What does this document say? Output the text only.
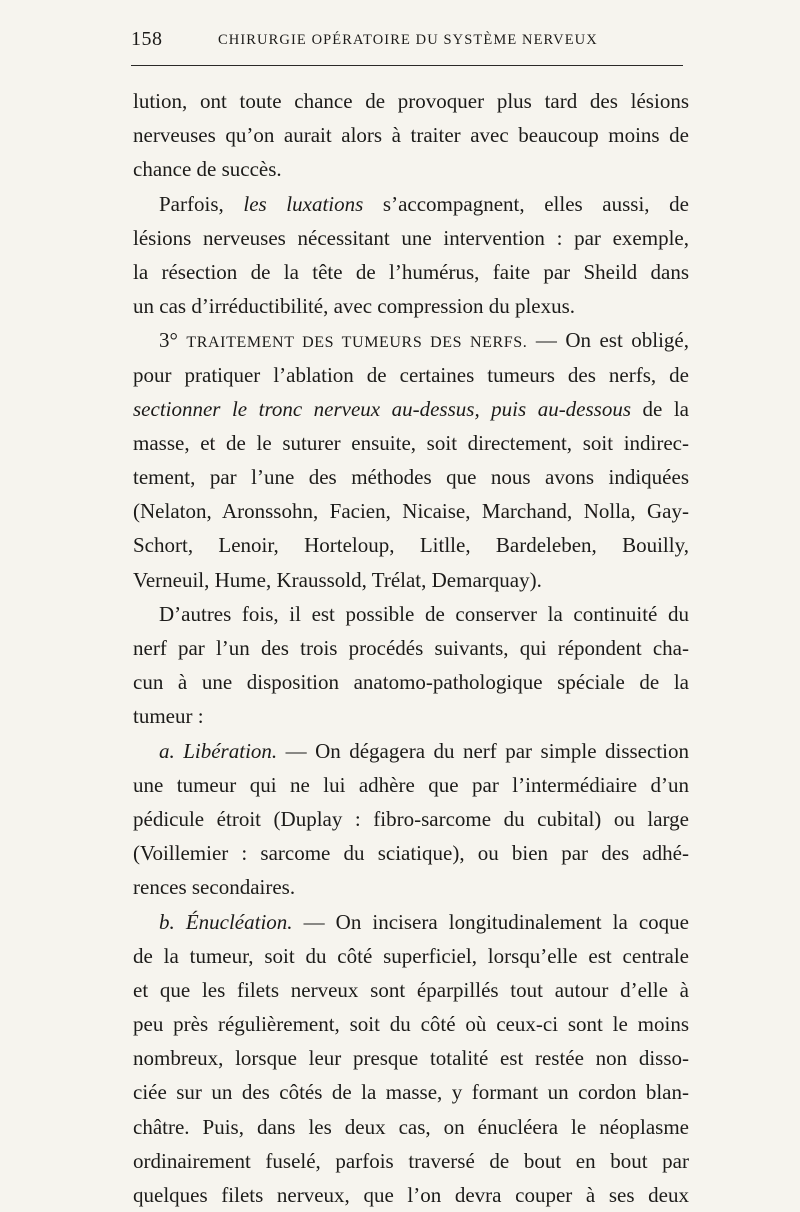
158	CHIRURGIE OPÉRATOIRE DU SYSTÈME NERVEUX
lution, ont toute chance de provoquer plus tard des lésions
nerveuses qu’on aurait alors à traiter avec beaucoup moins de
chance de succès.
Parfois, les luxations s’accompagnent, elles aussi, de
lésions nerveuses nécessitant une intervention : par exemple,
la résection de la tête de l’humérus, faite par Sheild dans
un cas d’irréductibilité, avec compression du plexus.
3° TRAITEMENT DES TUMEURS DES NERFS. — On est obligé,
pour pratiquer l’ablation de certaines tumeurs des nerfs, de
sectionner le tronc nerveux au-dessus, puis au-dessous de la
masse, et de le suturer ensuite, soit directement, soit indirec-
tement, par l’une des méthodes que nous avons indiquées
(Nelaton, Aronssohn, Facien, Nicaise, Marchand, Nolla, Gay-
Schort, Lenoir, Horteloup, Litlle, Bardeleben, Bouilly,
Verneuil, Hume, Kraussold, Trélat, Demarquay).
D’autres fois, il est possible de conserver la continuité du
nerf par l’un des trois procédés suivants, qui répondent cha-
cun à une disposition anatomo-pathologique spéciale de la
tumeur :
a. Libération. — On dégagera du nerf par simple dissection
une tumeur qui ne lui adhère que par l’intermédiaire d’un
pédicule étroit (Duplay : fibro-sarcome du cubital) ou large
(Voillemier : sarcome du sciatique), ou bien par des adhé-
rences secondaires.
b. Énucléation. — On incisera longitudinalement la coque
de la tumeur, soit du côté superficiel, lorsqu’elle est centrale
et que les filets nerveux sont éparpillés tout autour d’elle à
peu près régulièrement, soit du côté où ceux-ci sont le moins
nombreux, lorsque leur presque totalité est restée non disso-
ciée sur un des côtés de la masse, y formant un cordon blan-
châtre. Puis, dans les deux cas, on énucléera le néoplasme
ordinairement fuselé, parfois traversé de bout en bout par
quelques filets nerveux, que l’on devra couper à ses deux
